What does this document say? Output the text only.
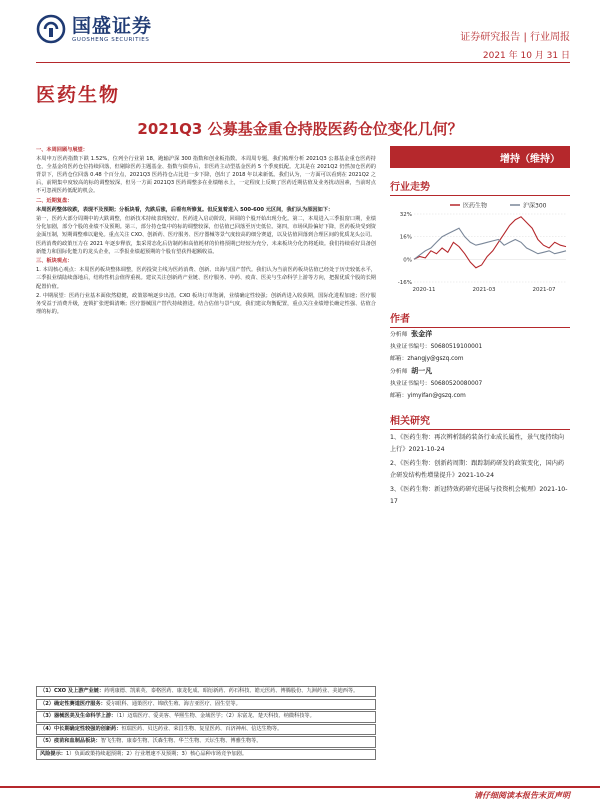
国盛证券
GUOSHENG SECURITIES	证券研究报告 | 行业周报
2021 年 10 月 31 日
医药生物
2021Q3 公募基金重仓持股医药仓位变化几何？

一、本周回顾与展望：

本周申万医药指数下跌 1.52%，位列全行业第 18，跑输沪深 300 指数和创业板指数。本周周专题，我们梳理分析 2021Q3 公募基金重仓医药持仓，全基金的医药仓位持续回落，但剔除医药主题基金、指数与债券后，非医药主动型基金医药 5 个季度低配。尤其是在 2021Q2 仍然加仓医药的背景下，医药仓位回落 0.48 个百分点，2021Q3 医药持仓占比进一步下降，创出了 2018 年以来新低。我们认为，一方面可以看到在 2021Q2 之后，前期集中度较高的标的调整较深，但另一方面 2021Q3 医药调整多在业绩缩水上，一定程度上反映了医药近期估值及业务扰动因素，当前时点不可忽视医药低配的机会。

二、近期复盘：

本周医药整体收跌，表现不及预期；分板块看，先跌后涨，后看有所修复。但反复着进入 500-600 元区间，我们认为原因如下：

第一，医药大部分周期中的大跌调整，但新技术持续表现较好。医药进入启动阶段，回调的个股开始出现分化。第二，本周进入三季报窗口期，业绩分化加剧，部分个股的业绩不及预期。第三，部分持仓集中的标的调整较深，但估值已回落至历史低位。第四，市场风险偏好下降，医药板块受到资金面压制，短期调整难以避免。重点关注 CXO、创新药、医疗服务、医疗器械等景气度较高的细分赛道，以及估值回落到合理区间的优质龙头公司。

医药消费的政策压力在 2021 年逐步释放，集采常态化后仿制药和高值耗材的价格预期已经较为充分，未来板块分化仍将延续。我们持续看好具备创新能力和国际化能力的龙头企业，三季报业绩超预期的个股有望获得超额收益。

三、板块观点：

1. 本周核心观点：本周医药板块整体调整，医药投资主线为医药消费、创新、出海与国产替代。我们认为当前医药板块估值已经处于历史较低水平，三季报业绩陆续落地后，结构性机会值得重视。建议关注创新药产业链、医疗服务、中药、疫苗、医美与生命科学上游等方向，把握优质个股的长期配置价值。

2. 中期展望：医药行业基本面依然稳健，政策影响逐步出清。CXO 板块订单饱满，业绩确定性较强；创新药进入收获期，国际化进程加速；医疗服务受益于消费升级，连锁扩张逻辑清晰；医疗器械国产替代持续推进。结合估值与景气度，我们建议均衡配置，重点关注业绩增长确定性强、估值合理的标的。

（1）CXO 及上游产业链：药明康德、凯莱英、泰格医药、康龙化成、昭衍新药、药石科技、皓元医药、博腾股份、九洲药业、美迪西等。
（2）确定性赛道医疗服务：爱尔眼科、通策医疗、锦欣生殖、海吉亚医疗、固生堂等。
（3）器械医美及生命科学上游：（1）迈瑞医疗、爱美客、华熙生物、金域医学；（2）东富龙、楚天科技、纳微科技等。
（4）中长期确定性较强的创新药：恒瑞医药、贝达药业、荣昌生物、复星医药、百济神州、信达生物等。
（5）疫苗和血制品板块：智飞生物、康泰生物、沃森生物、华兰生物、天坛生物、博雅生物等。
风险提示：1）负面政策持续超预期；2）行业增速不及预期；3）核心品种市场竞争加剧。
增持（维持）
行业走势
医药生物	沪深300
32%
16%
0%
-16%
2020-11	2021-03	2021-07
作者
分析师 张金洋
执业证书编号：S0680519100001
邮箱：zhangjy@gszq.com
分析师 胡一凡
执业证书编号：S0680520080007
邮箱：yimyifan@gszq.com
相关研究
1、《医药生物：再次辨析制药装备行业成长属性，景气度持续向上行》2021-10-24
2、《医药生物：创新药周期：跟踪制药研发的政策变化，国内药企研发结构性增量提升》2021-10-24
3、《医药生物：新冠特效药研究进展与投资机会梳理》2021-10-17
请仔细阅读本报告末页声明
